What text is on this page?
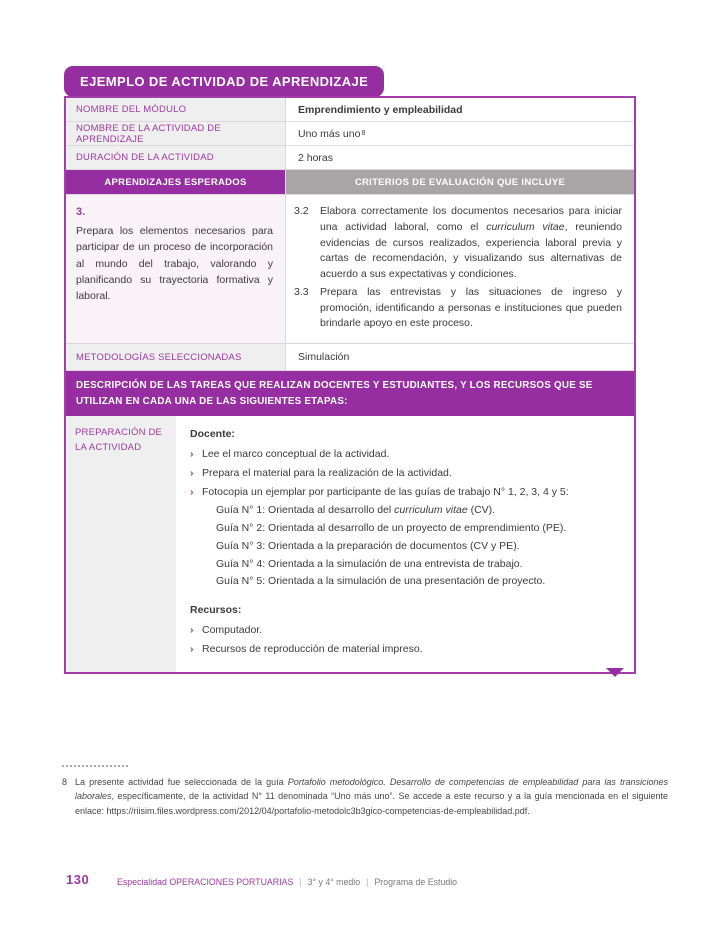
EJEMPLO DE ACTIVIDAD DE APRENDIZAJE
NOMBRE DEL MÓDULO	Emprendimiento y empleabilidad
NOMBRE DE LA ACTIVIDAD DE APRENDIZAJE	Uno más uno 8
DURACIÓN DE LA ACTIVIDAD	2 horas
APRENDIZAJES ESPERADOS	CRITERIOS DE EVALUACIÓN QUE INCLUYE
3.
Prepara los elementos necesarios para participar de un proceso de incorporación al mundo del trabajo, valorando y planificando su trayectoria formativa y laboral.
3.2	Elabora correctamente los documentos necesarios para iniciar una actividad laboral, como el curriculum vitae, reuniendo evidencias de cursos realizados, experiencia laboral previa y cartas de recomendación, y visualizando sus alternativas de acuerdo a sus expectativas y condiciones.
3.3	Prepara las entrevistas y las situaciones de ingreso y promoción, identificando a personas e instituciones que pueden brindarle apoyo en este proceso.
METODOLOGÍAS SELECCIONADAS	Simulación
DESCRIPCIÓN DE LAS TAREAS QUE REALIZAN DOCENTES Y ESTUDIANTES, Y LOS RECURSOS QUE SE UTILIZAN EN CADA UNA DE LAS SIGUIENTES ETAPAS:
PREPARACIÓN DE LA ACTIVIDAD
Docente:
› Lee el marco conceptual de la actividad.
› Prepara el material para la realización de la actividad.
› Fotocopia un ejemplar por participante de las guías de trabajo N° 1, 2, 3, 4 y 5:
Guía N° 1: Orientada al desarrollo del curriculum vitae (CV).
Guía N° 2: Orientada al desarrollo de un proyecto de emprendimiento (PE).
Guía N° 3: Orientada a la preparación de documentos (CV y PE).
Guía N° 4: Orientada a la simulación de una entrevista de trabajo.
Guía N° 5: Orientada a la simulación de una presentación de proyecto.
Recursos:
› Computador.
› Recursos de reproducción de material impreso.
8 La presente actividad fue seleccionada de la guía Portafolio metodológico. Desarrollo de competencias de empleabilidad para las transiciones laborales, específicamente, de la actividad N° 11 denominada “Uno más uno”. Se accede a este recurso y a la guía mencionada en el siguiente enlace: https://riisim.files.wordpress.com/2012/04/portafolio-metodolc3b3gico-competencias-de-empleabilidad.pdf.
130	Especialidad OPERACIONES PORTUARIAS | 3° y 4° medio | Programa de Estudio
